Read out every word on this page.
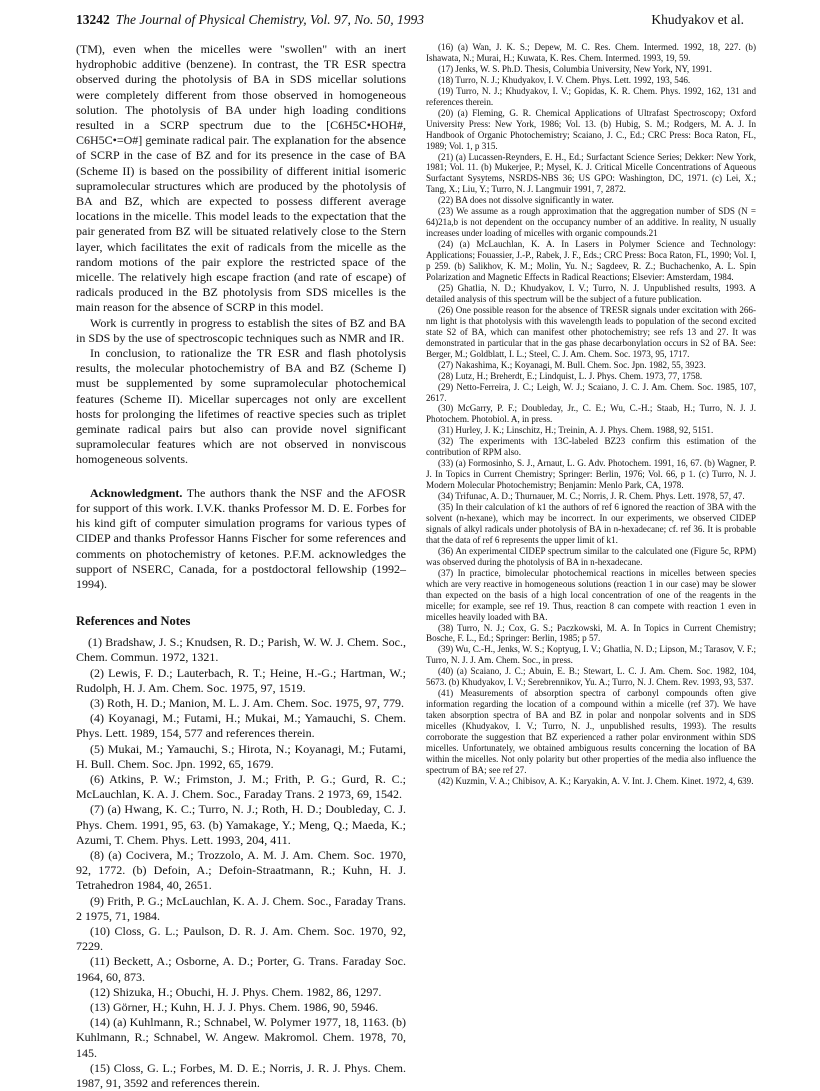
13242 The Journal of Physical Chemistry, Vol. 97, No. 50, 1993	Khudyakov et al.

(TM), even when the micelles were "swollen" with an inert hydrophobic additive (benzene). In contrast, the TR ESR spectra observed during the photolysis of BA in SDS micellar solutions were completely different from those observed in homogeneous solution. The photolysis of BA under high loading conditions resulted in a SCRP spectrum due to the [C6H5C•HOH#, C6H5C•=O#] geminate radical pair. The explanation for the absence of SCRP in the case of BZ and for its presence in the case of BA (Scheme II) is based on the possibility of different initial isomeric supramolecular structures which are produced by the photolysis of BA and BZ, which are expected to possess different average locations in the micelle. This model leads to the expectation that the pair generated from BZ will be situated relatively close to the Stern layer, which facilitates the exit of radicals from the micelle as the random motions of the pair explore the restricted space of the micelle. The relatively high escape fraction (and rate of escape) of radicals produced in the BZ photolysis from SDS micelles is the main reason for the absence of SCRP in this model.

Work is currently in progress to establish the sites of BZ and BA in SDS by the use of spectroscopic techniques such as NMR and IR.

In conclusion, to rationalize the TR ESR and flash photolysis results, the molecular photochemistry of BA and BZ (Scheme I) must be supplemented by some supramolecular photochemical features (Scheme II). Micellar supercages not only are excellent hosts for prolonging the lifetimes of reactive species such as triplet geminate radical pairs but also can provide novel significant supramolecular features which are not observed in nonviscous homogeneous solvents.

Acknowledgment. The authors thank the NSF and the AFOSR for support of this work. I.V.K. thanks Professor M. D. E. Forbes for his kind gift of computer simulation programs for various types of CIDEP and thanks Professor Hanns Fischer for some references and comments on photochemistry of ketones. P.F.M. acknowledges the support of NSERC, Canada, for a postdoctoral fellowship (1992–1994).

References and Notes

(1) Bradshaw, J. S.; Knudsen, R. D.; Parish, W. W. J. Chem. Soc., Chem. Commun. 1972, 1321.

(2) Lewis, F. D.; Lauterbach, R. T.; Heine, H.-G.; Hartman, W.; Rudolph, H. J. Am. Chem. Soc. 1975, 97, 1519.

(3) Roth, H. D.; Manion, M. L. J. Am. Chem. Soc. 1975, 97, 779.

(4) Koyanagi, M.; Futami, H.; Mukai, M.; Yamauchi, S. Chem. Phys. Lett. 1989, 154, 577 and references therein.

(5) Mukai, M.; Yamauchi, S.; Hirota, N.; Koyanagi, M.; Futami, H. Bull. Chem. Soc. Jpn. 1992, 65, 1679.

(6) Atkins, P. W.; Frimston, J. M.; Frith, P. G.; Gurd, R. C.; McLauchlan, K. A. J. Chem. Soc., Faraday Trans. 2 1973, 69, 1542.

(7) (a) Hwang, K. C.; Turro, N. J.; Roth, H. D.; Doubleday, C. J. Phys. Chem. 1991, 95, 63. (b) Yamakage, Y.; Meng, Q.; Maeda, K.; Azumi, T. Chem. Phys. Lett. 1993, 204, 411.

(8) (a) Cocivera, M.; Trozzolo, A. M. J. Am. Chem. Soc. 1970, 92, 1772. (b) Defoin, A.; Defoin-Straatmann, R.; Kuhn, H. J. Tetrahedron 1984, 40, 2651.

(9) Frith, P. G.; McLauchlan, K. A. J. Chem. Soc., Faraday Trans. 2 1975, 71, 1984.

(10) Closs, G. L.; Paulson, D. R. J. Am. Chem. Soc. 1970, 92, 7229.

(11) Beckett, A.; Osborne, A. D.; Porter, G. Trans. Faraday Soc. 1964, 60, 873.

(12) Shizuka, H.; Obuchi, H. J. Phys. Chem. 1982, 86, 1297.

(13) Görner, H.; Kuhn, H. J. J. Phys. Chem. 1986, 90, 5946.

(14) (a) Kuhlmann, R.; Schnabel, W. Polymer 1977, 18, 1163. (b) Kuhlmann, R.; Schnabel, W. Angew. Makromol. Chem. 1978, 70, 145.

(15) Closs, G. L.; Forbes, M. D. E.; Norris, J. R. J. Phys. Chem. 1987, 91, 3592 and references therein.

(16) (a) Wan, J. K. S.; Depew, M. C. Res. Chem. Intermed. 1992, 18, 227. (b) Ishawata, N.; Murai, H.; Kuwata, K. Res. Chem. Intermed. 1993, 19, 59.

(17) Jenks, W. S. Ph.D. Thesis, Columbia University, New York, NY, 1991.

(18) Turro, N. J.; Khudyakov, I. V. Chem. Phys. Lett. 1992, 193, 546.

(19) Turro, N. J.; Khudyakov, I. V.; Gopidas, K. R. Chem. Phys. 1992, 162, 131 and references therein.

(20) (a) Fleming, G. R. Chemical Applications of Ultrafast Spectroscopy; Oxford University Press: New York, 1986; Vol. 13. (b) Hubig, S. M.; Rodgers, M. A. J. In Handbook of Organic Photochemistry; Scaiano, J. C., Ed.; CRC Press: Boca Raton, FL, 1989; Vol. 1, p 315.

(21) (a) Lucassen-Reynders, E. H., Ed.; Surfactant Science Series; Dekker: New York, 1981; Vol. 11. (b) Mukerjee, P.; Mysel, K. J. Critical Micelle Concentrations of Aqueous Surfactant Sysytems, NSRDS-NBS 36; US GPO: Washington, DC, 1971. (c) Lei, X.; Tang, X.; Liu, Y.; Turro, N. J. Langmuir 1991, 7, 2872.

(22) BA does not dissolve significantly in water.

(23) We assume as a rough approximation that the aggregation number of SDS (N = 64)21a,b is not dependent on the occupancy number of an additive. In reality, N usually increases under loading of micelles with organic compounds.21

(24) (a) McLauchlan, K. A. In Lasers in Polymer Science and Technology: Applications; Fouassier, J.-P., Rabek, J. F., Eds.; CRC Press: Boca Raton, FL, 1990; Vol. I, p 259. (b) Salikhov, K. M.; Molin, Yu. N.; Sagdeev, R. Z.; Buchachenko, A. L. Spin Polarization and Magnetic Effects in Radical Reactions; Elsevier: Amsterdam, 1984.

(25) Ghatlia, N. D.; Khudyakov, I. V.; Turro, N. J. Unpublished results, 1993. A detailed analysis of this spectrum will be the subject of a future publication.

(26) One possible reason for the absence of TRESR signals under excitation with 266-nm light is that photolysis with this wavelength leads to population of the second excited state S2 of BA, which can manifest other photochemistry; see refs 13 and 27. It was demonstrated in particular that in the gas phase decarbonylation occurs in S2 of BA. See: Berger, M.; Goldblatt, I. L.; Steel, C. J. Am. Chem. Soc. 1973, 95, 1717.

(27) Nakashima, K.; Koyanagi, M. Bull. Chem. Soc. Jpn. 1982, 55, 3923.

(28) Lutz, H.; Breherdt, E.; Lindquist, L. J. Phys. Chem. 1973, 77, 1758.

(29) Netto-Ferreira, J. C.; Leigh, W. J.; Scaiano, J. C. J. Am. Chem. Soc. 1985, 107, 2617.

(30) McGarry, P. F.; Doubleday, Jr., C. E.; Wu, C.-H.; Staab, H.; Turro, N. J. J. Photochem. Photobiol. A, in press.

(31) Hurley, J. K.; Linschitz, H.; Treinin, A. J. Phys. Chem. 1988, 92, 5151.

(32) The experiments with 13C-labeled BZ23 confirm this estimation of the contribution of RPM also.

(33) (a) Formosinho, S. J., Arnaut, L. G. Adv. Photochem. 1991, 16, 67. (b) Wagner, P. J. In Topics in Current Chemistry; Springer: Berlin, 1976; Vol. 66, p 1. (c) Turro, N. J. Modern Molecular Photochemistry; Benjamin: Menlo Park, CA, 1978.

(34) Trifunac, A. D.; Thurnauer, M. C.; Norris, J. R. Chem. Phys. Lett. 1978, 57, 47.

(35) In their calculation of k1 the authors of ref 6 ignored the reaction of 3BA with the solvent (n-hexane), which may be incorrect. In our experiments, we observed CIDEP signals of alkyl radicals under photolysis of BA in n-hexadecane; cf. ref 36. It is probable that the data of ref 6 represents the upper limit of k1.

(36) An experimental CIDEP spectrum similar to the calculated one (Figure 5c, RPM) was observed during the photolysis of BA in n-hexadecane.

(37) In practice, bimolecular photochemical reactions in micelles between species which are very reactive in homogeneous solutions (reaction 1 in our case) may be slower than expected on the basis of a high local concentration of one of the reagents in the micelle; for example, see ref 19. Thus, reaction 8 can compete with reaction 1 even in micelles heavily loaded with BA.

(38) Turro, N. J.; Cox, G. S.; Paczkowski, M. A. In Topics in Current Chemistry; Bosche, F. L., Ed.; Springer: Berlin, 1985; p 57.

(39) Wu, C.-H., Jenks, W. S.; Koptyug, I. V.; Ghatlia, N. D.; Lipson, M.; Tarasov, V. F.; Turro, N. J. J. Am. Chem. Soc., in press.

(40) (a) Scaiano, J. C.; Abuin, E. B.; Stewart, L. C. J. Am. Chem. Soc. 1982, 104, 5673. (b) Khudyakov, I. V.; Serebrennikov, Yu. A.; Turro, N. J. Chem. Rev. 1993, 93, 537.

(41) Measurements of absorption spectra of carbonyl compounds often give information regarding the location of a compound within a micelle (ref 37). We have taken absorption spectra of BA and BZ in polar and nonpolar solvents and in SDS micelles (Khudyakov, I. V.; Turro, N. J., unpublished results, 1993). The results corroborate the suggestion that BZ experienced a rather polar environment within SDS micelles. Unfortunately, we obtained ambiguous results concerning the location of BA within the micelles. Not only polarity but other properties of the media also influence the spectrum of BA; see ref 27.

(42) Kuzmin, V. A.; Chibisov, A. K.; Karyakin, A. V. Int. J. Chem. Kinet. 1972, 4, 639.
